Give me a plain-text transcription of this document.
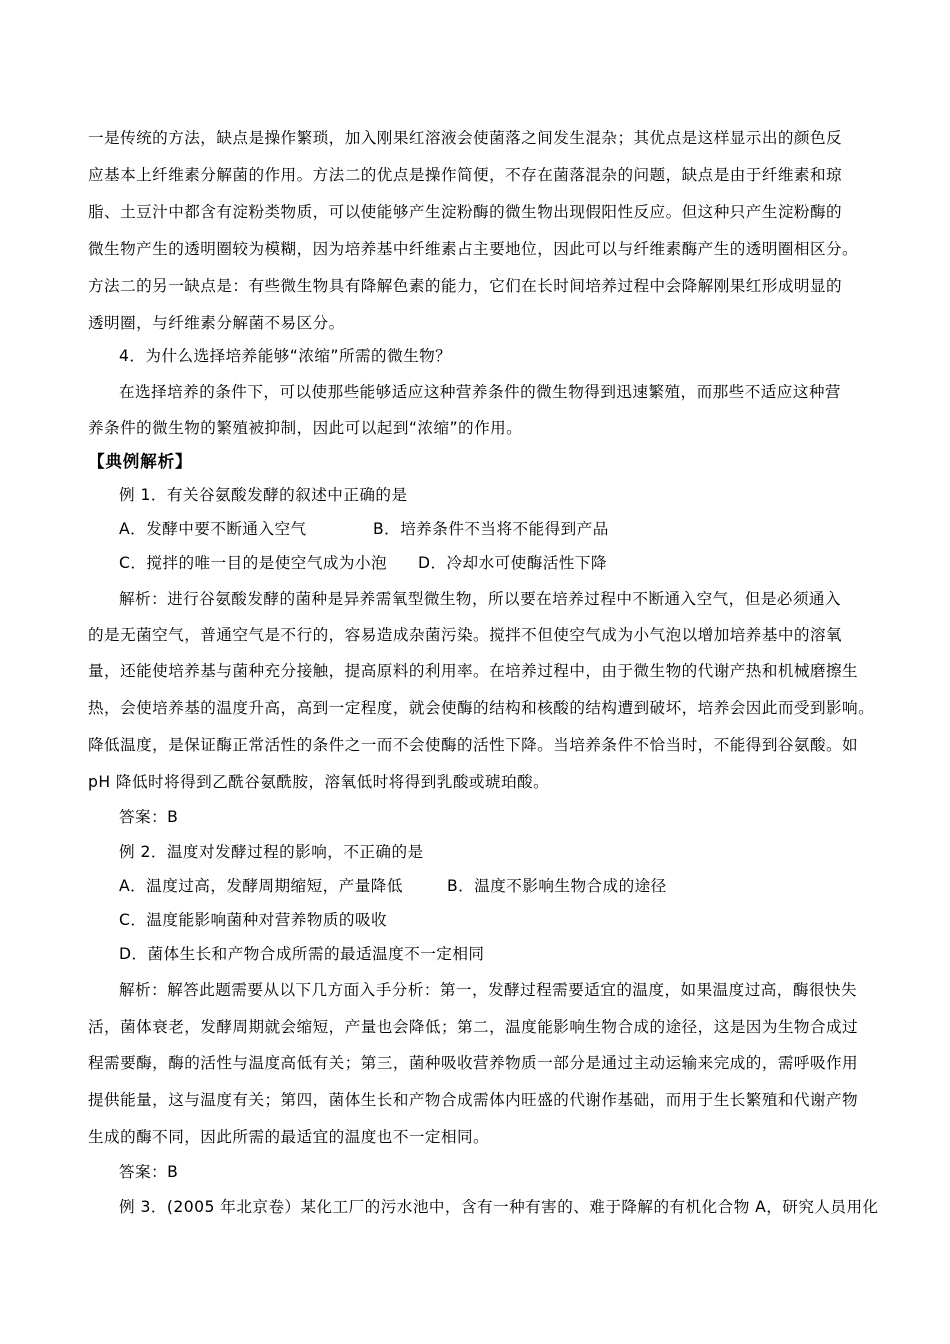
一是传统的方法，缺点是操作繁琐，加入刚果红溶液会使菌落之间发生混杂；其优点是这样显示出的颜色反
应基本上纤维素分解菌的作用。方法二的优点是操作简便，不存在菌落混杂的问题，缺点是由于纤维素和琼
脂、土豆汁中都含有淀粉类物质，可以使能够产生淀粉酶的微生物出现假阳性反应。但这种只产生淀粉酶的
微生物产生的透明圈较为模糊，因为培养基中纤维素占主要地位，因此可以与纤维素酶产生的透明圈相区分。
方法二的另一缺点是：有些微生物具有降解色素的能力，它们在长时间培养过程中会降解刚果红形成明显的
透明圈，与纤维素分解菌不易区分。
4．为什么选择培养能够“浓缩”所需的微生物？
在选择培养的条件下，可以使那些能够适应这种营养条件的微生物得到迅速繁殖，而那些不适应这种营
养条件的微生物的繁殖被抑制，因此可以起到“浓缩”的作用。
【典例解析】
例 1．有关谷氨酸发酵的叙述中正确的是
A．发酵中要不断通入空气	B．培养条件不当将不能得到产品
C．搅拌的唯一目的是使空气成为小泡 D．冷却水可使酶活性下降
解析：进行谷氨酸发酵的菌种是异养需氧型微生物，所以要在培养过程中不断通入空气，但是必须通入
的是无菌空气，普通空气是不行的，容易造成杂菌污染。搅拌不但使空气成为小气泡以增加培养基中的溶氧
量，还能使培养基与菌种充分接触，提高原料的利用率。在培养过程中，由于微生物的代谢产热和机械磨擦生
热，会使培养基的温度升高，高到一定程度，就会使酶的结构和核酸的结构遭到破坏，培养会因此而受到影响。
降低温度，是保证酶正常活性的条件之一而不会使酶的活性下降。当培养条件不恰当时，不能得到谷氨酸。如
pH 降低时将得到乙酰谷氨酰胺，溶氧低时将得到乳酸或琥珀酸。
答案：B
例 2．温度对发酵过程的影响，不正确的是
A．温度过高，发酵周期缩短，产量降低	B．温度不影响生物合成的途径
C．温度能影响菌种对营养物质的吸收
D．菌体生长和产物合成所需的最适温度不一定相同
解析：解答此题需要从以下几方面入手分析：第一，发酵过程需要适宜的温度，如果温度过高，酶很快失
活，菌体衰老，发酵周期就会缩短，产量也会降低；第二，温度能影响生物合成的途径，这是因为生物合成过
程需要酶，酶的活性与温度高低有关；第三，菌种吸收营养物质一部分是通过主动运输来完成的，需呼吸作用
提供能量，这与温度有关；第四，菌体生长和产物合成需体内旺盛的代谢作基础，而用于生长繁殖和代谢产物
生成的酶不同，因此所需的最适宜的温度也不一定相同。
答案：B
例 3．(2005 年北京卷）某化工厂的污水池中，含有一种有害的、难于降解的有机化合物 A，研究人员用化
